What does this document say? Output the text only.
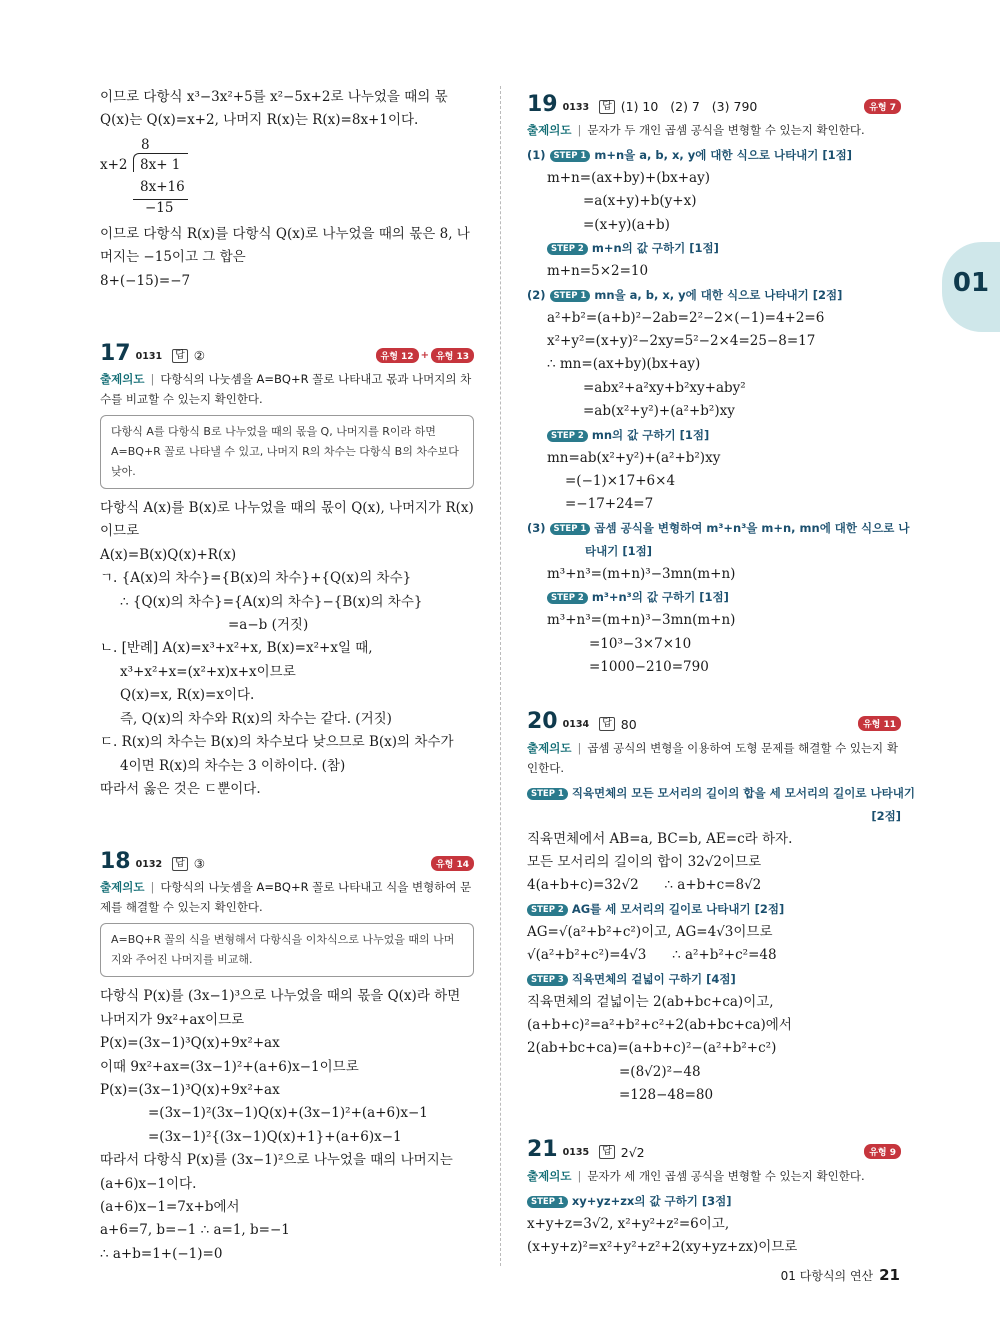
01
이므로 다항식 x³−3x²+5를 x²−5x+2로 나누었을 때의 몫
Q(x)는 Q(x)=x+2, 나머지 R(x)는 R(x)=8x+1이다.
8
x+2 8x+ 1
8x+16
−15
이므로 다항식 R(x)를 다항식 Q(x)로 나누었을 때의 몫은 8, 나
머지는 −15이고 그 합은
8+(−15)=−7
17 0131	답 ②	유형 12 + 유형 13
출제의도 | 다항식의 나눗셈을 A=BQ+R 꼴로 나타내고 몫과 나머지의 차수를 비교할 수 있는지 확인한다.
다항식 A를 다항식 B로 나누었을 때의 몫을 Q, 나머지를 R이라 하면 A=BQ+R 꼴로 나타낼 수 있고, 나머지 R의 차수는 다항식 B의 차수보다 낮아.
다항식 A(x)를 B(x)로 나누었을 때의 몫이 Q(x), 나머지가 R(x)
이므로
A(x)=B(x)Q(x)+R(x)
ㄱ. {A(x)의 차수}={B(x)의 차수}+{Q(x)의 차수}
∴ {Q(x)의 차수}={A(x)의 차수}−{B(x)의 차수}
=a−b (거짓)
ㄴ. [반례] A(x)=x³+x²+x, B(x)=x²+x일 때,
x³+x²+x=(x²+x)x+x이므로
Q(x)=x, R(x)=x이다.
즉, Q(x)의 차수와 R(x)의 차수는 같다. (거짓)
ㄷ. R(x)의 차수는 B(x)의 차수보다 낮으므로 B(x)의 차수가
4이면 R(x)의 차수는 3 이하이다. (참)
따라서 옳은 것은 ㄷ뿐이다.
18 0132	답 ③	유형 14
출제의도 | 다항식의 나눗셈을 A=BQ+R 꼴로 나타내고 식을 변형하여 문제를 해결할 수 있는지 확인한다.
A=BQ+R 꼴의 식을 변형해서 다항식을 이차식으로 나누었을 때의 나머지와 주어진 나머지를 비교해.
다항식 P(x)를 (3x−1)³으로 나누었을 때의 몫을 Q(x)라 하면
나머지가 9x²+ax이므로
P(x)=(3x−1)³Q(x)+9x²+ax
이때 9x²+ax=(3x−1)²+(a+6)x−1이므로
P(x)=(3x−1)³Q(x)+9x²+ax
=(3x−1)²(3x−1)Q(x)+(3x−1)²+(a+6)x−1
=(3x−1)²{(3x−1)Q(x)+1}+(a+6)x−1
따라서 다항식 P(x)를 (3x−1)²으로 나누었을 때의 나머지는
(a+6)x−1이다.
(a+6)x−1=7x+b에서
a+6=7, b=−1 ∴ a=1, b=−1
∴ a+b=1+(−1)=0
19 0133	답 (1) 10   (2) 7   (3) 790	유형 7
출제의도 | 문자가 두 개인 곱셈 공식을 변형할 수 있는지 확인한다.
(1) STEP 1 m+n을 a, b, x, y에 대한 식으로 나타내기 [1점]
m+n=(ax+by)+(bx+ay)
=a(x+y)+b(y+x)
=(x+y)(a+b)
STEP 2 m+n의 값 구하기 [1점]
m+n=5×2=10
(2) STEP 1 mn을 a, b, x, y에 대한 식으로 나타내기 [2점]
a²+b²=(a+b)²−2ab=2²−2×(−1)=4+2=6
x²+y²=(x+y)²−2xy=5²−2×4=25−8=17
∴ mn=(ax+by)(bx+ay)
=abx²+a²xy+b²xy+aby²
=ab(x²+y²)+(a²+b²)xy
STEP 2 mn의 값 구하기 [1점]
mn=ab(x²+y²)+(a²+b²)xy
=(−1)×17+6×4
=−17+24=7
(3) STEP 1 곱셈 공식을 변형하여 m³+n³을 m+n, mn에 대한 식으로 나
타내기 [1점]
m³+n³=(m+n)³−3mn(m+n)
STEP 2 m³+n³의 값 구하기 [1점]
m³+n³=(m+n)³−3mn(m+n)
=10³−3×7×10
=1000−210=790
20 0134	답 80	유형 11
출제의도 | 곱셈 공식의 변형을 이용하여 도형 문제를 해결할 수 있는지 확인한다.
STEP 1 직육면체의 모든 모서리의 길이의 합을 세 모서리의 길이로 나타내기
[2점]
직육면체에서 AB=a, BC=b, AE=c라 하자.
모든 모서리의 길이의 합이 32√2이므로
4(a+b+c)=32√2      ∴ a+b+c=8√2
STEP 2 AG를 세 모서리의 길이로 나타내기 [2점]
AG=√(a²+b²+c²)이고, AG=4√3이므로
√(a²+b²+c²)=4√3      ∴ a²+b²+c²=48
STEP 3 직육면체의 겉넓이 구하기 [4점]
직육면체의 겉넓이는 2(ab+bc+ca)이고,
(a+b+c)²=a²+b²+c²+2(ab+bc+ca)에서
2(ab+bc+ca)=(a+b+c)²−(a²+b²+c²)
=(8√2)²−48
=128−48=80
21 0135	답 2√2	유형 9
출제의도 | 문자가 세 개인 곱셈 공식을 변형할 수 있는지 확인한다.
STEP 1 xy+yz+zx의 값 구하기 [3점]
x+y+z=3√2, x²+y²+z²=6이고,
(x+y+z)²=x²+y²+z²+2(xy+yz+zx)이므로
01 다항식의 연산 21
